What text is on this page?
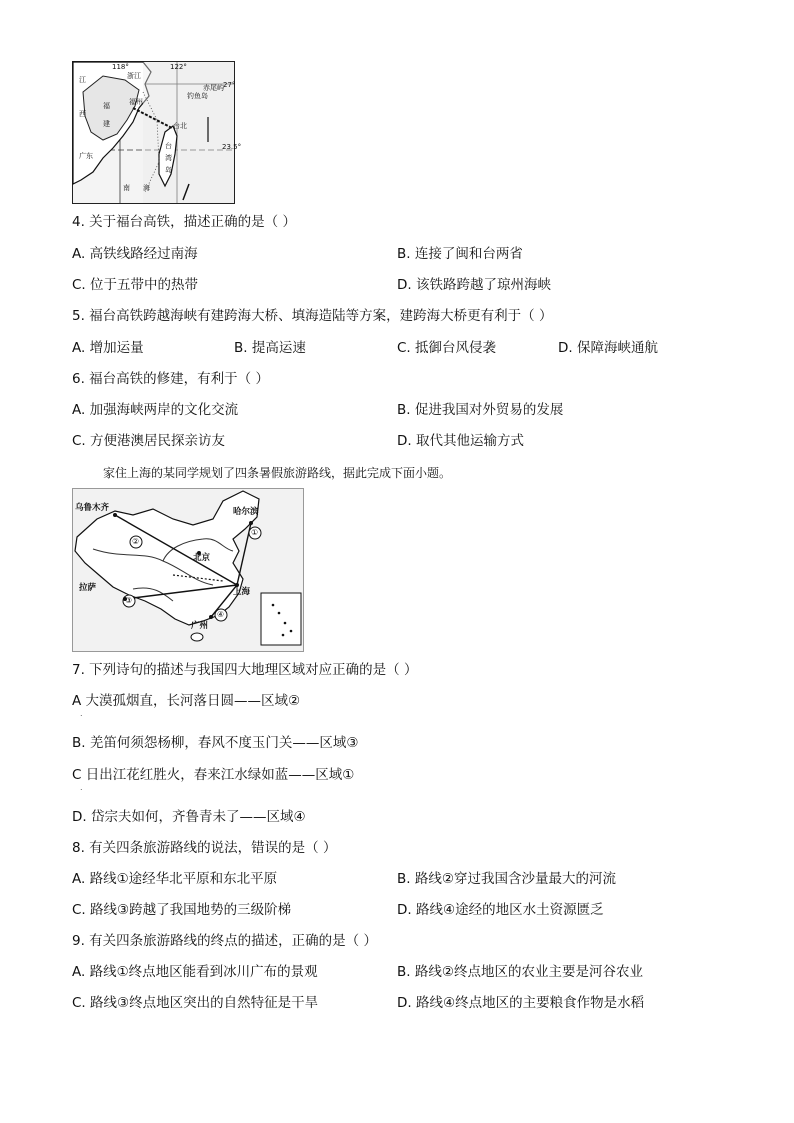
118°	122°
27°
23.5°
浙江
江
西
福
建
广东
福州
台北
台
湾
岛
南 海
钓鱼岛
赤尾屿
4. 关于福台高铁，描述正确的是（ ）
A. 高铁线路经过南海	B. 连接了闽和台两省
C. 位于五带中的热带	D. 该铁路跨越了琼州海峡
5. 福台高铁跨越海峡有建跨海大桥、填海造陆等方案，建跨海大桥更有利于（ ）
A. 增加运量	B. 提高运速	C. 抵御台风侵袭	D. 保障海峡通航
6. 福台高铁的修建，有利于（ ）
A. 加强海峡两岸的文化交流	B. 促进我国对外贸易的发展
C. 方便港澳居民探亲访友	D. 取代其他运输方式
家住上海的某同学规划了四条暑假旅游路线，据此完成下面小题。
乌鲁木齐	哈尔滨
北京
上海
拉萨
广州
①
②
③
④
7. 下列诗句的描述与我国四大地理区域对应正确的是（ ）
A 大漠孤烟直，长河落日圆——区域②
.
B. 羌笛何须怨杨柳，春风不度玉门关——区域③
C 日出江花红胜火，春来江水绿如蓝——区域①
.
D. 岱宗夫如何，齐鲁青未了——区域④
8. 有关四条旅游路线的说法，错误的是（ ）
A. 路线①途经华北平原和东北平原	B. 路线②穿过我国含沙量最大的河流
C. 路线③跨越了我国地势的三级阶梯	D. 路线④途经的地区水土资源匮乏
9. 有关四条旅游路线的终点的描述，正确的是（ ）
A. 路线①终点地区能看到冰川广布的景观	B. 路线②终点地区的农业主要是河谷农业
C. 路线③终点地区突出的自然特征是干旱	D. 路线④终点地区的主要粮食作物是水稻
